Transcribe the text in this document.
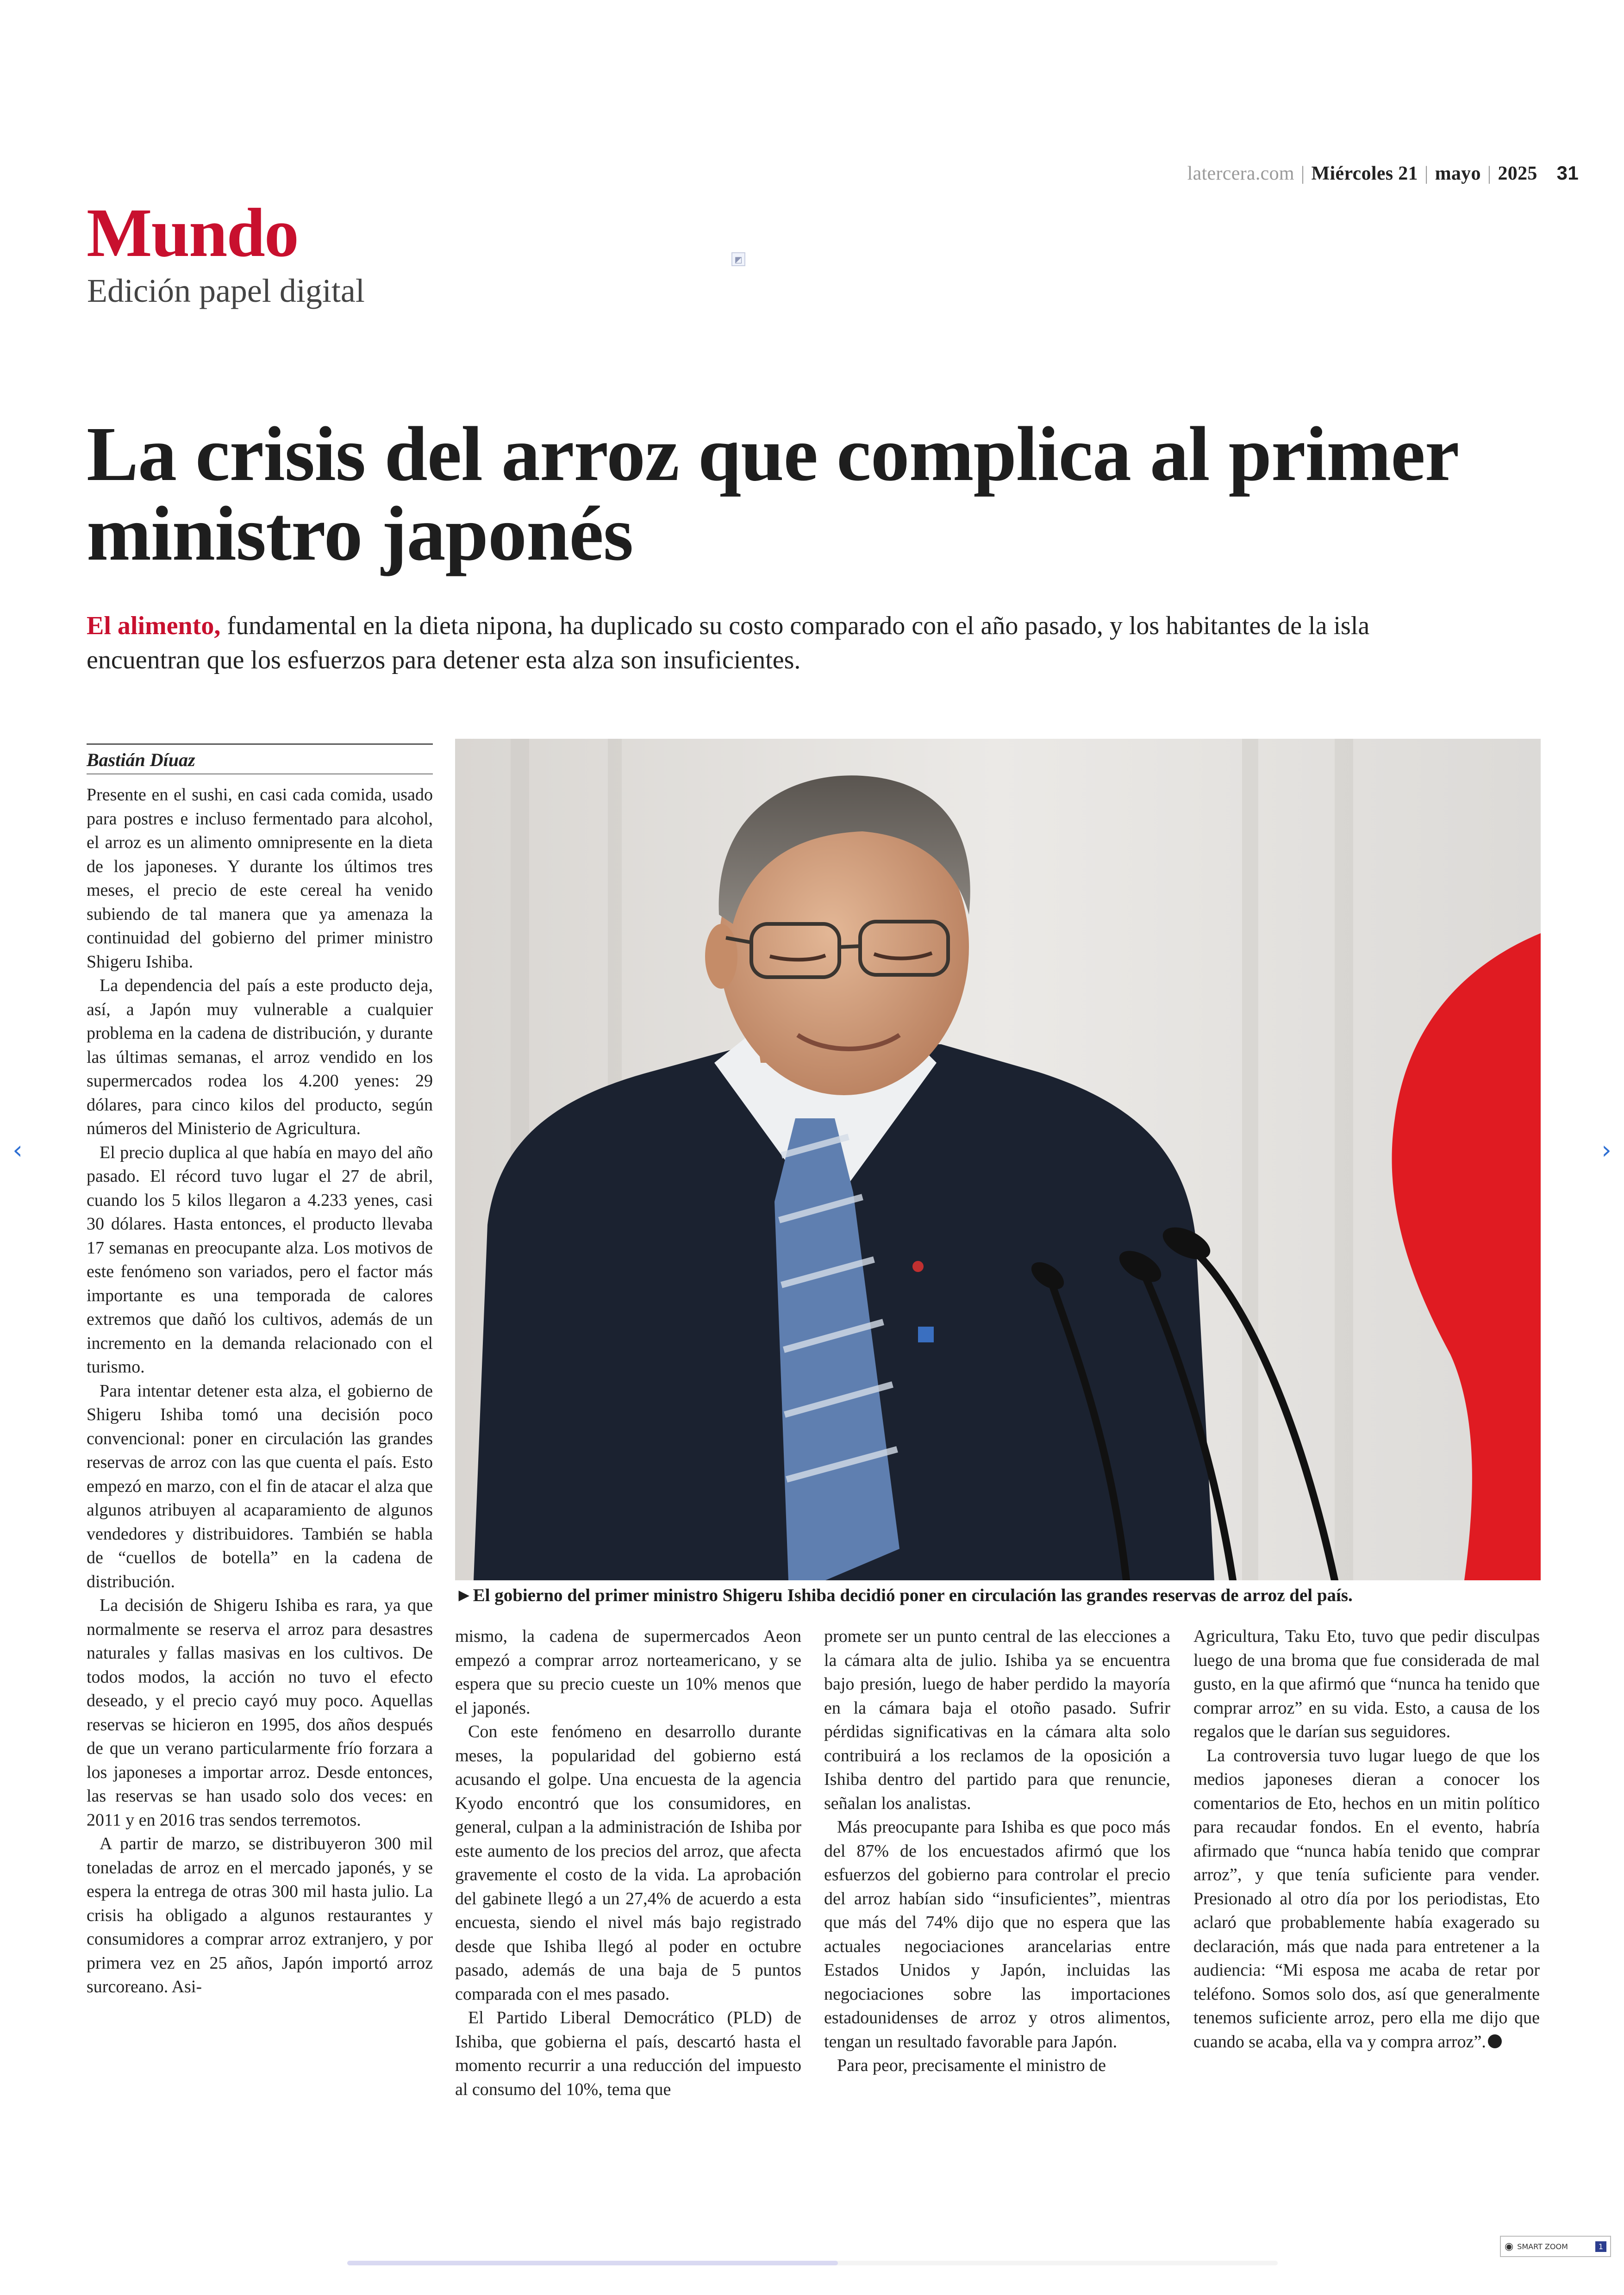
latercera.com | Miércoles 21 | mayo | 2025 31
Mundo
Edición papel digital
◩
La crisis del arroz que complica al primer ministro japonés
El alimento, fundamental en la dieta nipona, ha duplicado su costo comparado con el año pasado, y los habitantes de la isla encuentran que los esfuerzos para detener esta alza son insuficientes.
Bastián Díuaz

Presente en el sushi, en casi cada comida, usado para postres e incluso fermentado para alcohol, el arroz es un alimento omnipresente en la dieta de los japoneses. Y durante los últimos tres meses, el precio de este cereal ha venido subiendo de tal manera que ya amenaza la continuidad del gobierno del primer ministro Shigeru Ishiba.

La dependencia del país a este producto deja, así, a Japón muy vulnerable a cualquier problema en la cadena de distribución, y durante las últimas semanas, el arroz vendido en los supermercados rodea los 4.200 yenes: 29 dólares, para cinco kilos del producto, según números del Ministerio de Agricultura.

El precio duplica al que había en mayo del año pasado. El récord tuvo lugar el 27 de abril, cuando los 5 kilos llegaron a 4.233 yenes, casi 30 dólares. Hasta entonces, el producto llevaba 17 semanas en preocupante alza. Los motivos de este fenómeno son variados, pero el factor más importante es una temporada de calores extremos que dañó los cultivos, además de un incremento en la demanda relacionado con el turismo.

Para intentar detener esta alza, el gobierno de Shigeru Ishiba tomó una decisión poco convencional: poner en circulación las grandes reservas de arroz con las que cuenta el país. Esto empezó en marzo, con el fin de atacar el alza que algunos atribuyen al acaparamiento de algunos vendedores y distribuidores. También se habla de “cuellos de botella” en la cadena de distribución.

La decisión de Shigeru Ishiba es rara, ya que normalmente se reserva el arroz para desastres naturales y fallas masivas en los cultivos. De todos modos, la acción no tuvo el efecto deseado, y el precio cayó muy poco. Aquellas reservas se hicieron en 1995, dos años después de que un verano particularmente frío forzara a los japoneses a importar arroz. Desde entonces, las reservas se han usado solo dos veces: en 2011 y en 2016 tras sendos terremotos.

A partir de marzo, se distribuyeron 300 mil toneladas de arroz en el mercado japonés, y se espera la entrega de otras 300 mil hasta julio. La crisis ha obligado a algunos restaurantes y consumidores a comprar arroz extranjero, y por primera vez en 25 años, Japón importó arroz surcoreano. Asi-

►El gobierno del primer ministro Shigeru Ishiba decidió poner en circulación las grandes reservas de arroz del país.

mismo, la cadena de supermercados Aeon empezó a comprar arroz norteamericano, y se espera que su precio cueste un 10% menos que el japonés.

Con este fenómeno en desarrollo durante meses, la popularidad del gobierno está acusando el golpe. Una encuesta de la agencia Kyodo encontró que los consumidores, en general, culpan a la administración de Ishiba por este aumento de los precios del arroz, que afecta gravemente el costo de la vida. La aprobación del gabinete llegó a un 27,4% de acuerdo a esta encuesta, siendo el nivel más bajo registrado desde que Ishiba llegó al poder en octubre pasado, además de una baja de 5 puntos comparada con el mes pasado.

El Partido Liberal Democrático (PLD) de Ishiba, que gobierna el país, descartó hasta el momento recurrir a una reducción del impuesto al consumo del 10%, tema que

promete ser un punto central de las elecciones a la cámara alta de julio. Ishiba ya se encuentra bajo presión, luego de haber perdido la mayoría en la cámara baja el otoño pasado. Sufrir pérdidas significativas en la cámara alta solo contribuirá a los reclamos de la oposición a Ishiba dentro del partido para que renuncie, señalan los analistas.

Más preocupante para Ishiba es que poco más del 87% de los encuestados afirmó que los esfuerzos del gobierno para controlar el precio del arroz habían sido “insuficientes”, mientras que más del 74% dijo que no espera que las actuales negociaciones arancelarias entre Estados Unidos y Japón, incluidas las negociaciones sobre las importaciones estadounidenses de arroz y otros alimentos, tengan un resultado favorable para Japón.

Para peor, precisamente el ministro de

Agricultura, Taku Eto, tuvo que pedir disculpas luego de una broma que fue considerada de mal gusto, en la que afirmó que “nunca ha tenido que comprar arroz” en su vida. Esto, a causa de los regalos que le darían sus seguidores.

La controversia tuvo lugar luego de que los medios japoneses dieran a conocer los comentarios de Eto, hechos en un mitin político para recaudar fondos. En el evento, habría afirmado que “nunca había tenido que comprar arroz”, y que tenía suficiente para vender. Presionado al otro día por los periodistas, Eto aclaró que probablemente había exagerado su declaración, más que nada para entretener a la audiencia: “Mi esposa me acaba de retar por teléfono. Somos solo dos, así que generalmente tenemos suficiente arroz, pero ella me dijo que cuando se acaba, ella va y compra arroz”.

‹	›
◉ SMART ZOOM	1
